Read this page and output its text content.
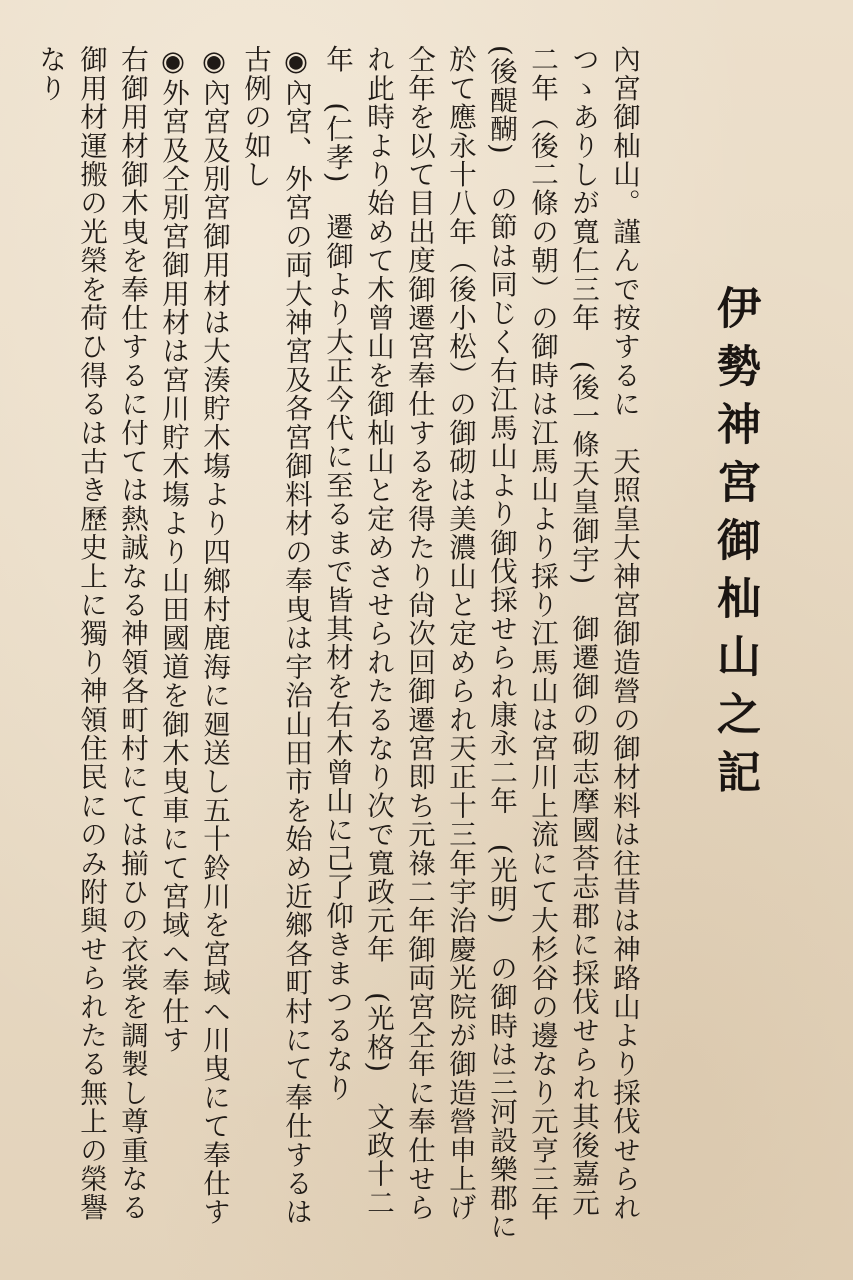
伊勢神宮御杣山之記

內宮御杣山。謹んで按するに　天照皇大神宮御造營の御材料は往昔は神路山より採伐せられつゝありしが寬仁三年　(後一條天皇御宇)　御遷御の砌志摩國荅志郡に採伐せられ其後嘉元二年（後二條の朝）の御時は江馬山より採り江馬山は宮川上流にて大杉谷の邊なり元亨三年　(後醍醐)　の節は同じく右江馬山より御伐採せられ康永二年　(光明)　の御時は三河設樂郡に於て應永十八年（後小松）の御砌は美濃山と定められ天正十三年宇治慶光院が御造營申上げ仝年を以て目出度御遷宮奉仕するを得たり尙次回御遷宮即ち元祿二年御両宮仝年に奉仕せられ此時より始めて木曾山を御杣山と定めさせられたるなり次で寬政元年　(光格)　文政十二年　(仁孝)　遷御より大正今代に至るまで皆其材を右木曾山に己了仰きまつるなり

◉內宮、外宮の両大神宮及各宮御料材の奉曳は宇治山田市を始め近鄉各町村にて奉仕するは古例の如し

◉內宮及別宮御用材は大湊貯木塲より四鄉村鹿海に廻送し五十鈴川を宮域へ川曳にて奉仕す

◉外宮及仝別宮御用材は宮川貯木塲より山田國道を御木曳車にて宮域へ奉仕す

右御用材御木曳を奉仕するに付ては熱誠なる神領各町村にては揃ひの衣裳を調製し尊重なる御用材運搬の光榮を荷ひ得るは古き歷史上に獨り神領住民にのみ附與せられたる無上の榮譽なり
